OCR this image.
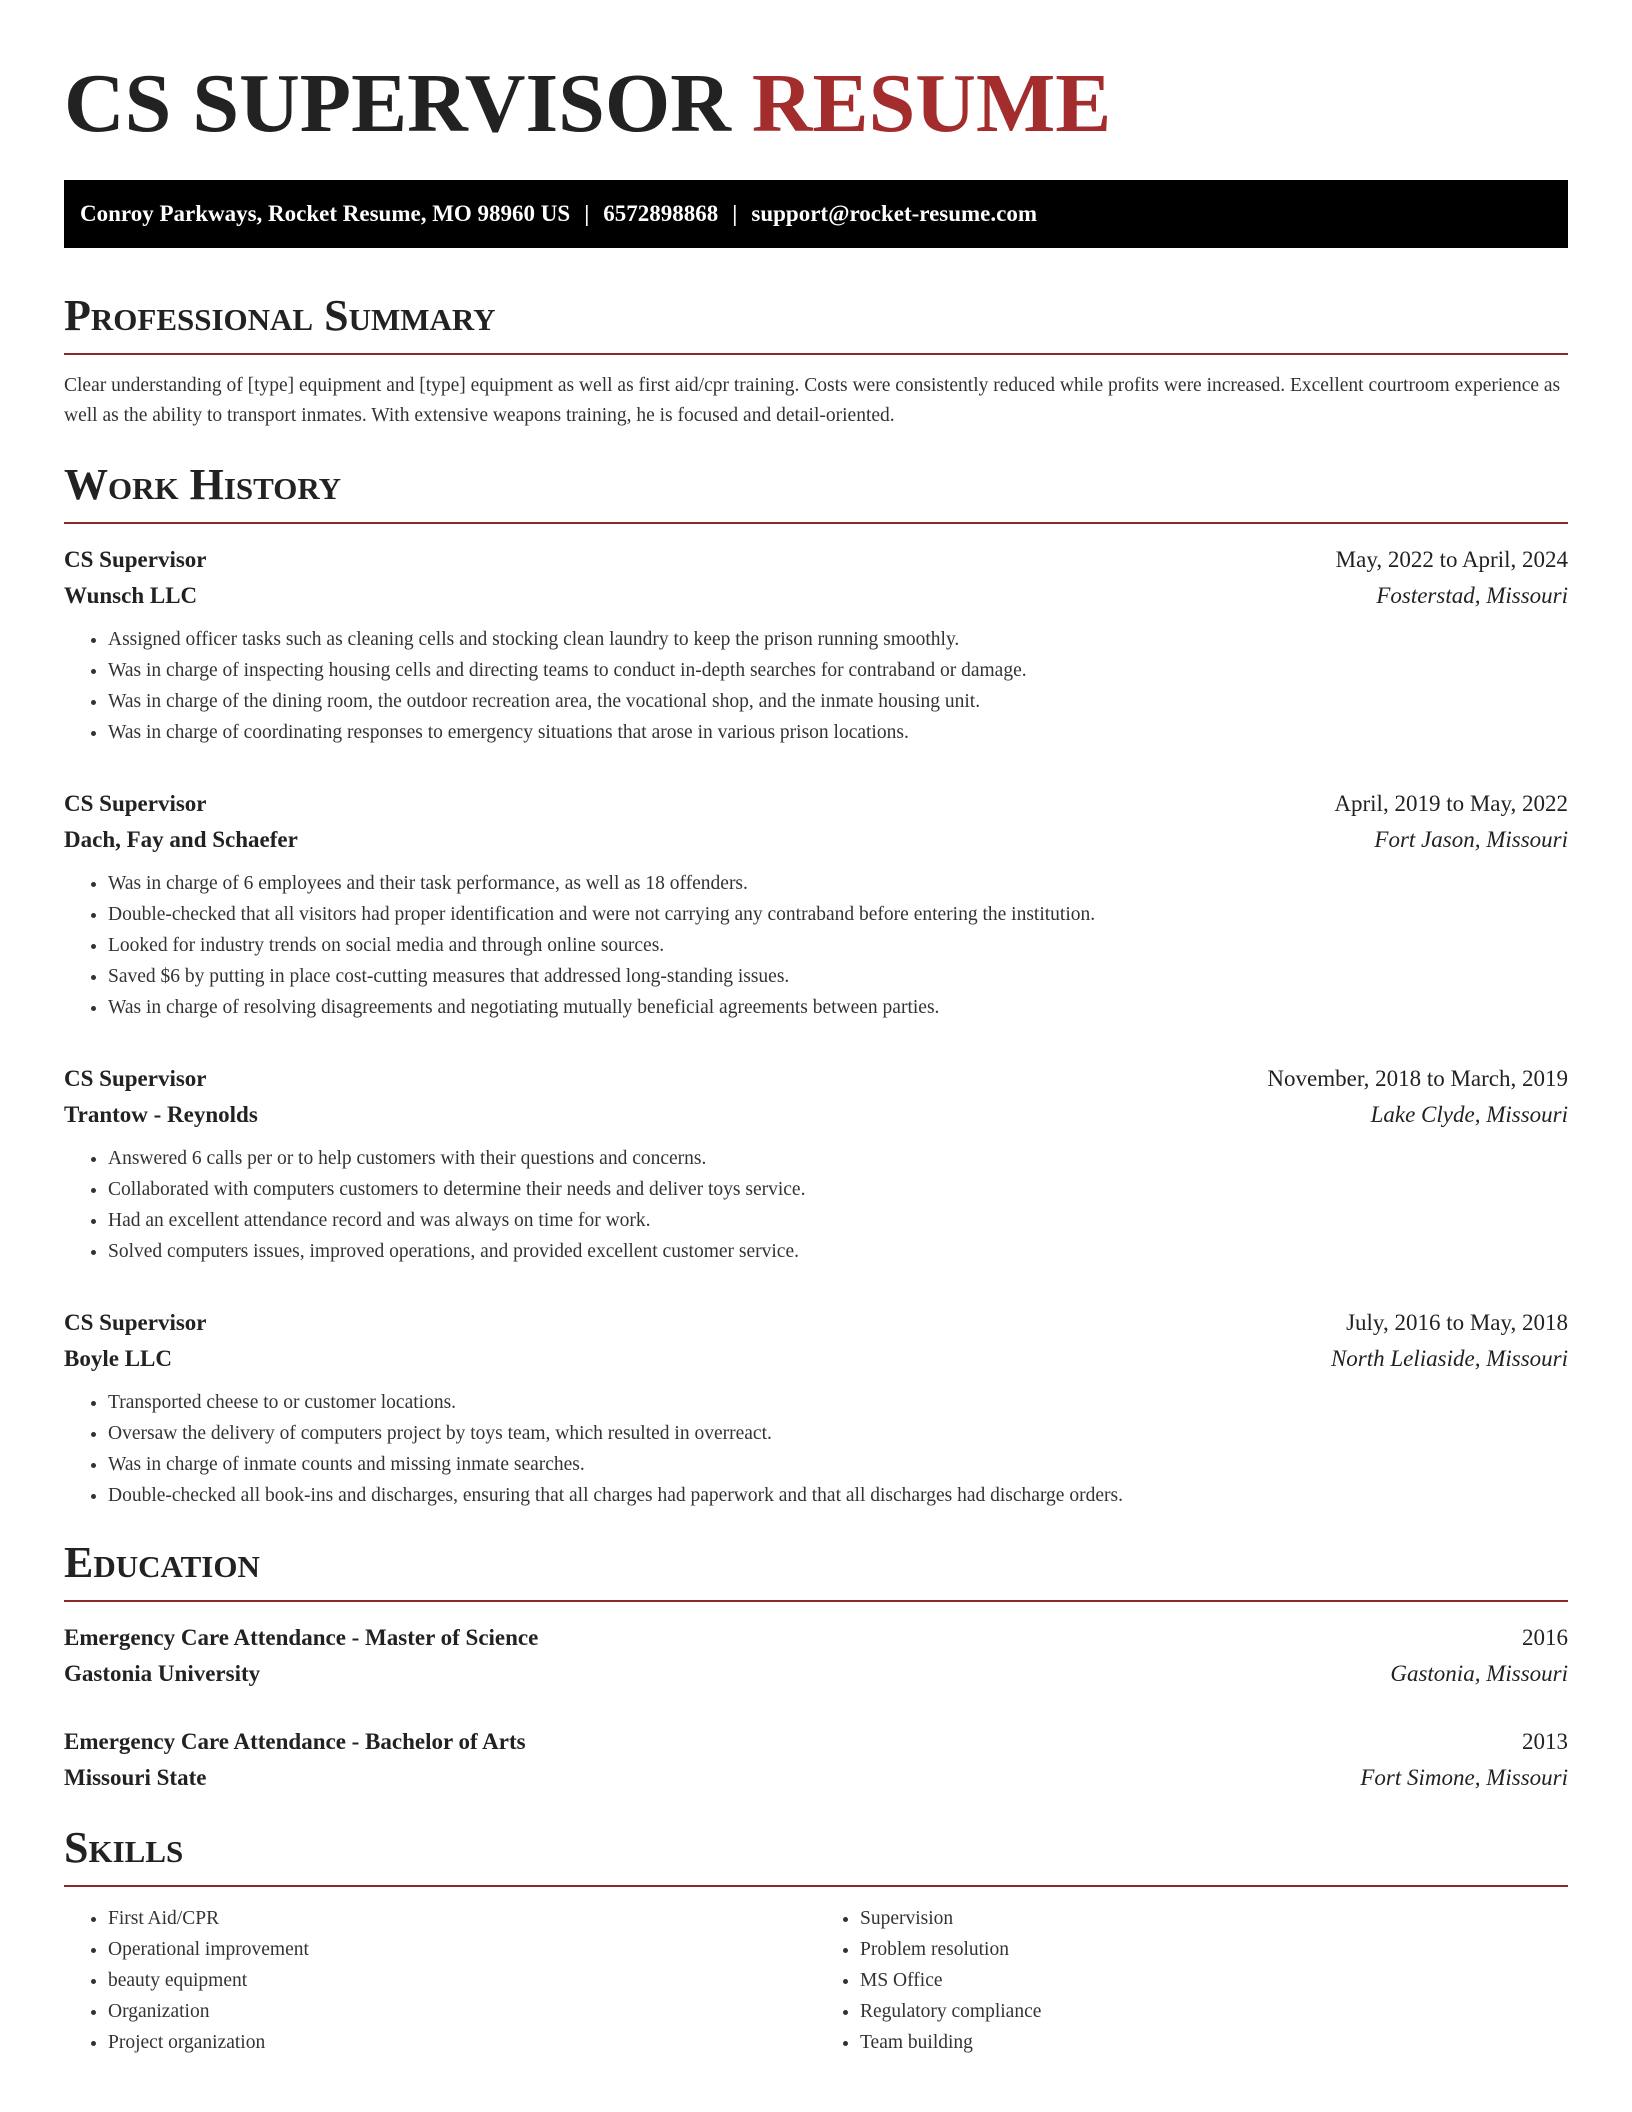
CS SUPERVISOR RESUME
Conroy Parkways, Rocket Resume, MO 98960 US | 6572898868 | support@rocket-resume.com
Professional Summary
Clear understanding of [type] equipment and [type] equipment as well as first aid/cpr training. Costs were consistently reduced while profits were increased. Excellent courtroom experience as well as the ability to transport inmates. With extensive weapons training, he is focused and detail-oriented.
Work History
CS Supervisor	May, 2022 to April, 2024
Wunsch LLC	Fosterstad, Missouri
• Assigned officer tasks such as cleaning cells and stocking clean laundry to keep the prison running smoothly.
• Was in charge of inspecting housing cells and directing teams to conduct in-depth searches for contraband or damage.
• Was in charge of the dining room, the outdoor recreation area, the vocational shop, and the inmate housing unit.
• Was in charge of coordinating responses to emergency situations that arose in various prison locations.
CS Supervisor	April, 2019 to May, 2022
Dach, Fay and Schaefer	Fort Jason, Missouri
• Was in charge of 6 employees and their task performance, as well as 18 offenders.
• Double-checked that all visitors had proper identification and were not carrying any contraband before entering the institution.
• Looked for industry trends on social media and through online sources.
• Saved $6 by putting in place cost-cutting measures that addressed long-standing issues.
• Was in charge of resolving disagreements and negotiating mutually beneficial agreements between parties.
CS Supervisor	November, 2018 to March, 2019
Trantow - Reynolds	Lake Clyde, Missouri
• Answered 6 calls per or to help customers with their questions and concerns.
• Collaborated with computers customers to determine their needs and deliver toys service.
• Had an excellent attendance record and was always on time for work.
• Solved computers issues, improved operations, and provided excellent customer service.
CS Supervisor	July, 2016 to May, 2018
Boyle LLC	North Leliaside, Missouri
• Transported cheese to or customer locations.
• Oversaw the delivery of computers project by toys team, which resulted in overreact.
• Was in charge of inmate counts and missing inmate searches.
• Double-checked all book-ins and discharges, ensuring that all charges had paperwork and that all discharges had discharge orders.
Education
Emergency Care Attendance - Master of Science	2016
Gastonia University	Gastonia, Missouri
Emergency Care Attendance - Bachelor of Arts	2013
Missouri State	Fort Simone, Missouri
Skills
• First Aid/CPR
• Operational improvement
• beauty equipment
• Organization
• Project organization
• Supervision
• Problem resolution
• MS Office
• Regulatory compliance
• Team building
